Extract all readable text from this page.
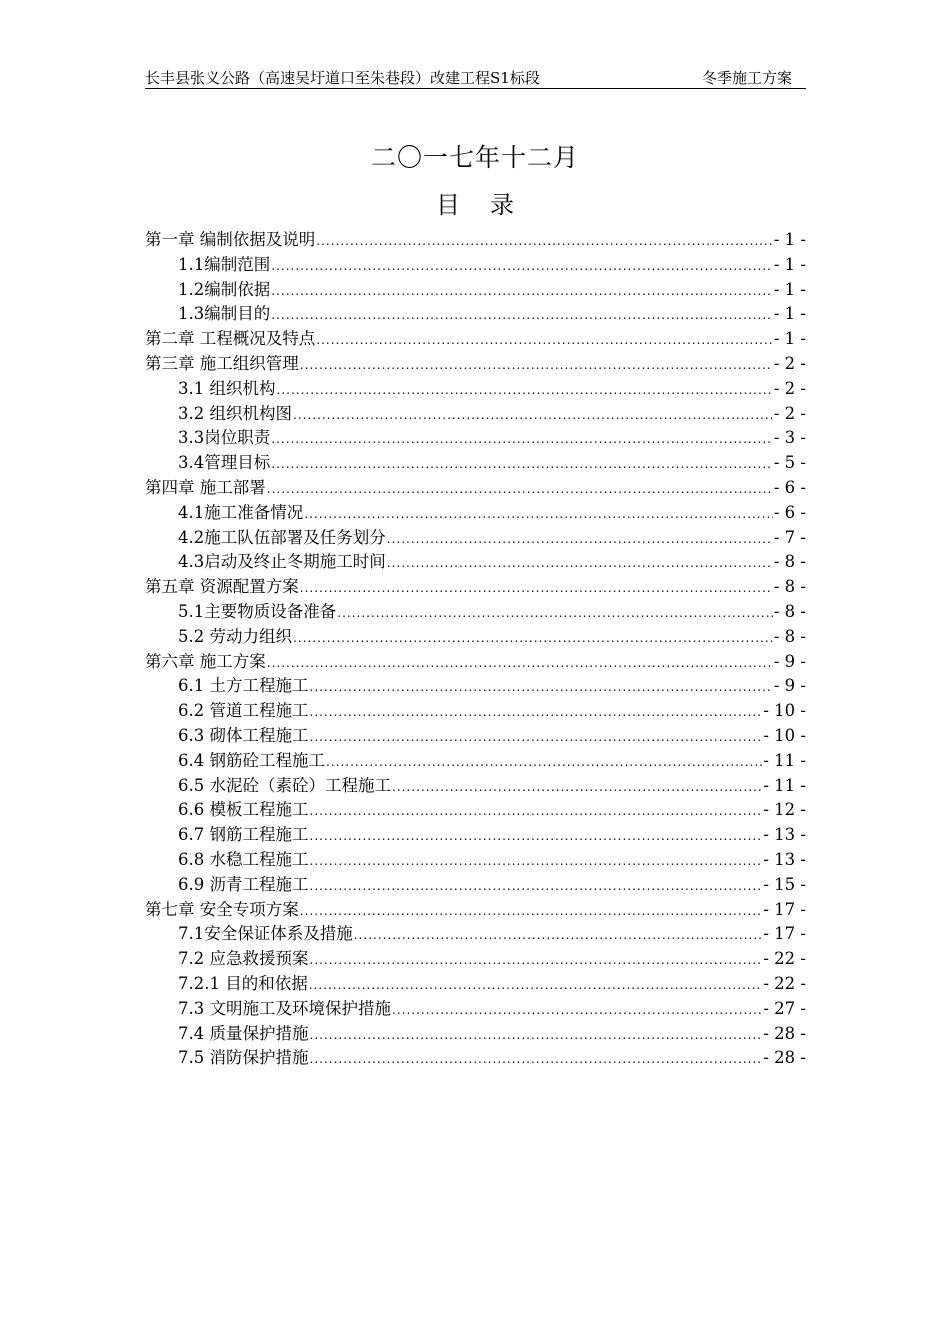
长丰县张义公路（高速吴圩道口至朱巷段）改建工程S1标段	冬季施工方案
二〇一七年十二月
目录
第一章 编制依据及说明 .....	- 1 -
1.1编制范围 .....	- 1 -
1.2编制依据 .....	- 1 -
1.3编制目的 .....	- 1 -
第二章 工程概况及特点 .....	- 1 -
第三章 施工组织管理 .....	- 2 -
3.1 组织机构 .....	- 2 -
3.2 组织机构图 .....	- 2 -
3.3岗位职责 .....	- 3 -
3.4管理目标 .....	- 5 -
第四章 施工部署 .....	- 6 -
4.1施工准备情况 .....	- 6 -
4.2施工队伍部署及任务划分 .....	- 7 -
4.3启动及终止冬期施工时间 .....	- 8 -
第五章 资源配置方案 .....	- 8 -
5.1主要物质设备准备 .....	- 8 -
5.2 劳动力组织 .....	- 8 -
第六章 施工方案 .....	- 9 -
6.1 土方工程施工 .....	- 9 -
6.2 管道工程施工 .....	- 10 -
6.3 砌体工程施工 .....	- 10 -
6.4 钢筋砼工程施工 .....	- 11 -
6.5 水泥砼（素砼）工程施工 .....	- 11 -
6.6 模板工程施工 .....	- 12 -
6.7 钢筋工程施工 .....	- 13 -
6.8 水稳工程施工 .....	- 13 -
6.9 沥青工程施工 .....	- 15 -
第七章 安全专项方案 .....	- 17 -
7.1安全保证体系及措施 .....	- 17 -
7.2 应急救援预案 .....	- 22 -
7.2.1 目的和依据 .....	- 22 -
7.3 文明施工及环境保护措施 .....	- 27 -
7.4 质量保护措施 .....	- 28 -
7.5 消防保护措施 .....	- 28 -
